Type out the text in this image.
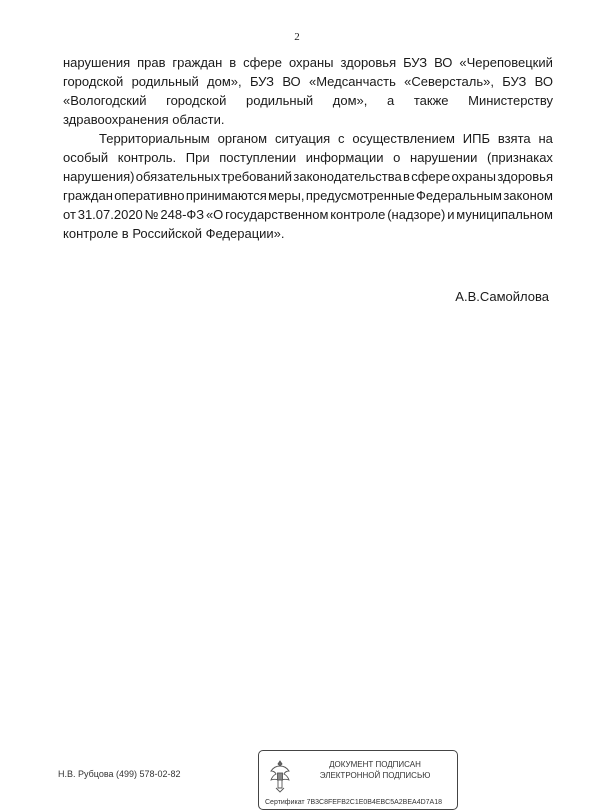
2
нарушения прав граждан в сфере охраны здоровья БУЗ ВО «Череповецкий
городской родильный дом», БУЗ ВО «Медсанчасть «Северсталь», БУЗ ВО
«Вологодский городской родильный дом», а также Министерству
здравоохранения области.
Территориальным органом ситуация с осуществлением ИПБ взята на
особый контроль. При поступлении информации о нарушении (признаках
нарушения) обязательных требований законодательства в сфере охраны здоровья
граждан оперативно принимаются меры, предусмотренные Федеральным законом
от 31.07.2020 № 248-ФЗ «О государственном контроле (надзоре) и муниципальном
контроле в Российской Федерации».
А.В.Самойлова
Н.В. Рубцова (499) 578-02-82
ДОКУМЕНТ ПОДПИСАН
ЭЛЕКТРОННОЙ ПОДПИСЬЮ
Сертификат 7B3C8FEFB2C1E0B4EBC5A2BEA4D7A18
